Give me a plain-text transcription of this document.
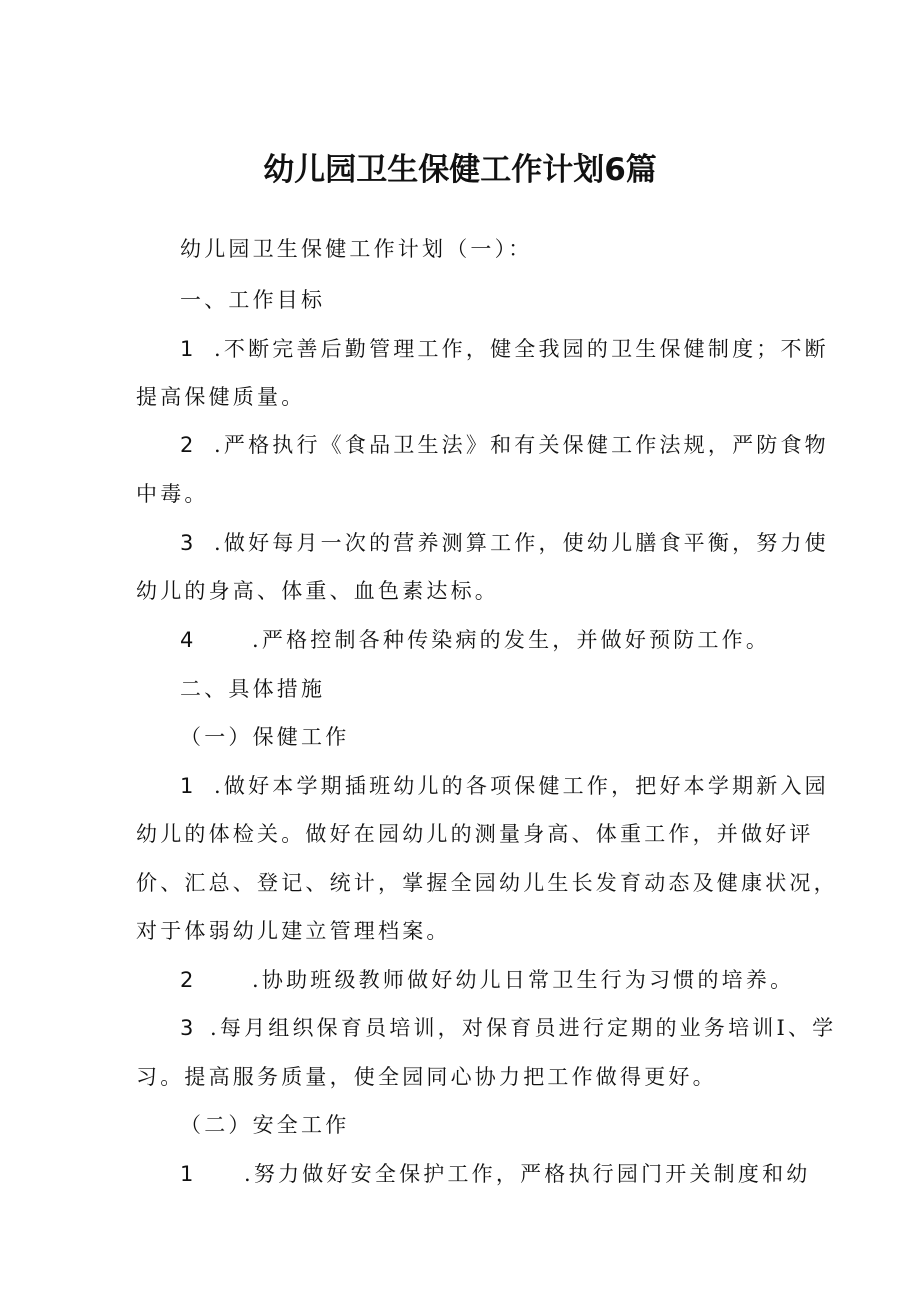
幼儿园卫生保健工作计划6篇
幼儿园卫生保健工作计划（一）：
一、工作目标
1 .不断完善后勤管理工作，健全我园的卫生保健制度；不断
提高保健质量。
2 .严格执行《食品卫生法》和有关保健工作法规，严防食物
中毒。
3 .做好每月一次的营养测算工作，使幼儿膳食平衡，努力使
幼儿的身高、体重、血色素达标。
4	.严格控制各种传染病的发生，并做好预防工作。
二、具体措施
（一）保健工作
1 .做好本学期插班幼儿的各项保健工作，把好本学期新入园
幼儿的体检关。做好在园幼儿的测量身高、体重工作，并做好评
价、汇总、登记、统计，掌握全园幼儿生长发育动态及健康状况，
对于体弱幼儿建立管理档案。
2	.协助班级教师做好幼儿日常卫生行为习惯的培养。
3 .每月组织保育员培训，对保育员进行定期的业务培训I、学
习。提高服务质量，使全园同心协力把工作做得更好。
（二）安全工作
1 .努力做好安全保护工作，严格执行园门开关制度和幼
